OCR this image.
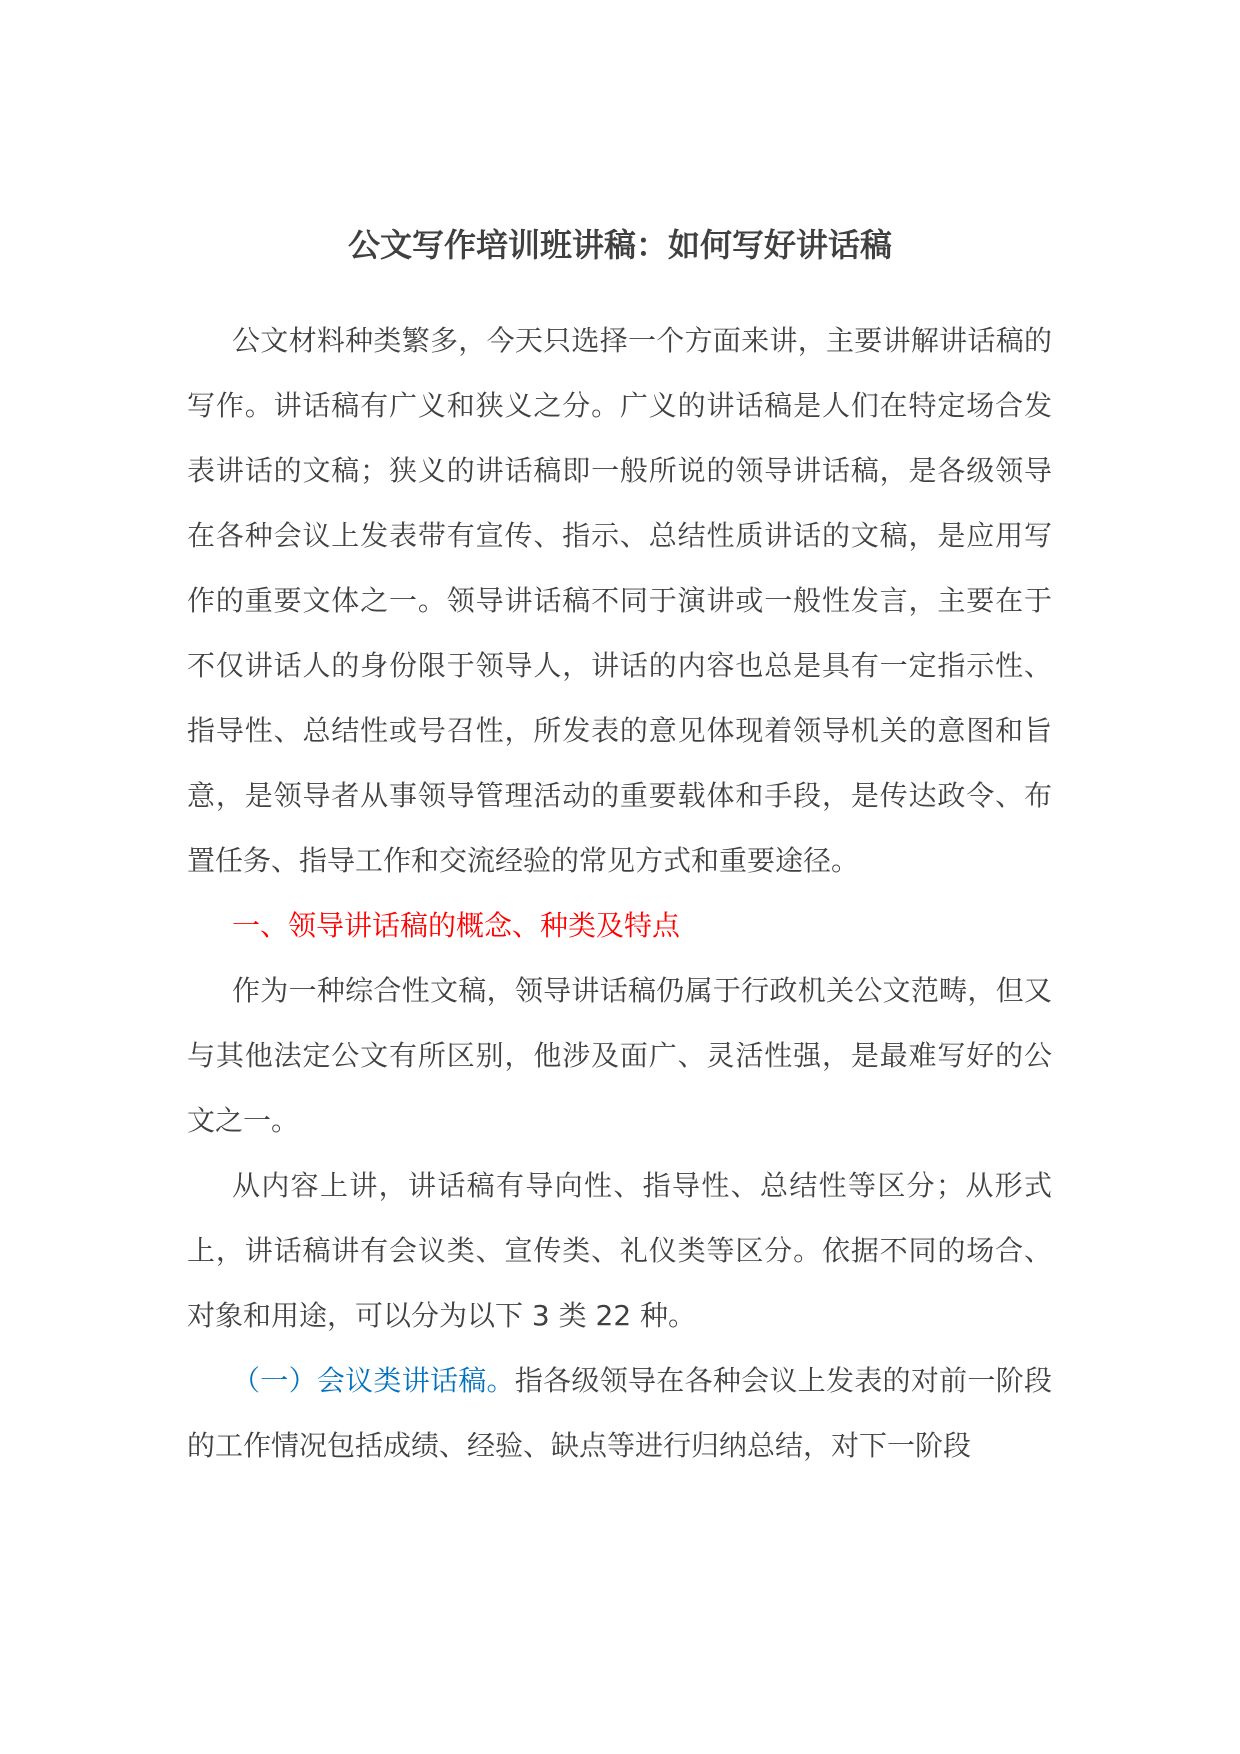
公文写作培训班讲稿：如何写好讲话稿

公文材料种类繁多，今天只选择一个方面来讲，主要讲解讲话稿的写作。讲话稿有广义和狭义之分。广义的讲话稿是人们在特定场合发表讲话的文稿；狭义的讲话稿即一般所说的领导讲话稿，是各级领导在各种会议上发表带有宣传、指示、总结性质讲话的文稿，是应用写作的重要文体之一。领导讲话稿不同于演讲或一般性发言，主要在于不仅讲话人的身份限于领导人，讲话的内容也总是具有一定指示性、指导性、总结性或号召性，所发表的意见体现着领导机关的意图和旨意，是领导者从事领导管理活动的重要载体和手段，是传达政令、布置任务、指导工作和交流经验的常见方式和重要途径。

一、领导讲话稿的概念、种类及特点

作为一种综合性文稿，领导讲话稿仍属于行政机关公文范畴，但又与其他法定公文有所区别，他涉及面广、灵活性强，是最难写好的公文之一。

从内容上讲，讲话稿有导向性、指导性、总结性等区分；从形式上，讲话稿讲有会议类、宣传类、礼仪类等区分。依据不同的场合、对象和用途，可以分为以下 3 类 22 种。

（一）会议类讲话稿。指各级领导在各种会议上发表的对前一阶段的工作情况包括成绩、经验、缺点等进行归纳总结，对下一阶段
